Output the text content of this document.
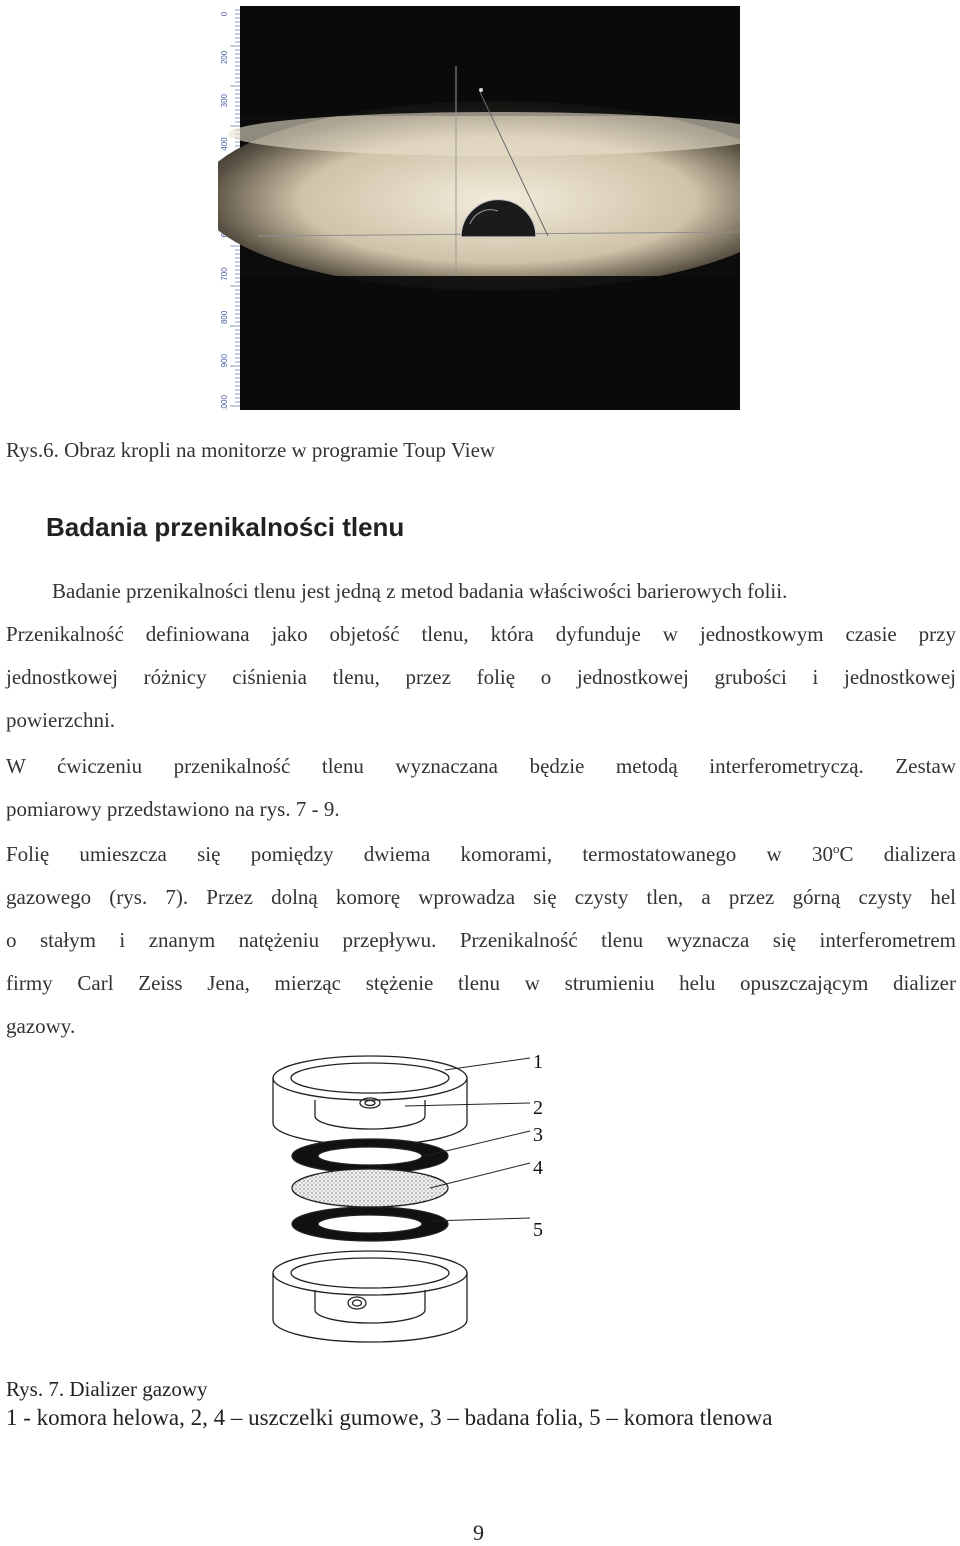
0
200
300
400
700
800
900
1000
Rys.6. Obraz kropli na monitorze w programie Toup View
Badania przenikalności tlenu
Badanie przenikalności tlenu jest jedną z metod badania właściwości barierowych folii.
Przenikalność definiowana jako objetość tlenu, która dyfunduje w jednostkowym czasie przy
jednostkowej różnicy ciśnienia tlenu, przez folię o jednostkowej grubości i jednostkowej
powierzchni.
W ćwiczeniu przenikalność tlenu wyznaczana będzie metodą interferometryczą. Zestaw
pomiarowy przedstawiono na rys. 7 - 9.
Folię umieszcza się pomiędzy dwiema komorami, termostatowanego w 30$^o$C dializera
gazowego (rys. 7). Przez dolną komorę wprowadza się czysty tlen, a przez górną czysty hel
o stałym i znanym natężeniu przepływu. Przenikalność tlenu wyznacza się interferometrem
firmy Carl Zeiss Jena, mierząc stężenie tlenu w strumieniu helu opuszczającym dializer
gazowy.
1
2
3
4
5
Rys. 7. Dializer gazowy
1 - komora helowa, 2, 4 – uszczelki gumowe, 3 – badana folia, 5 – komora tlenowa
9
